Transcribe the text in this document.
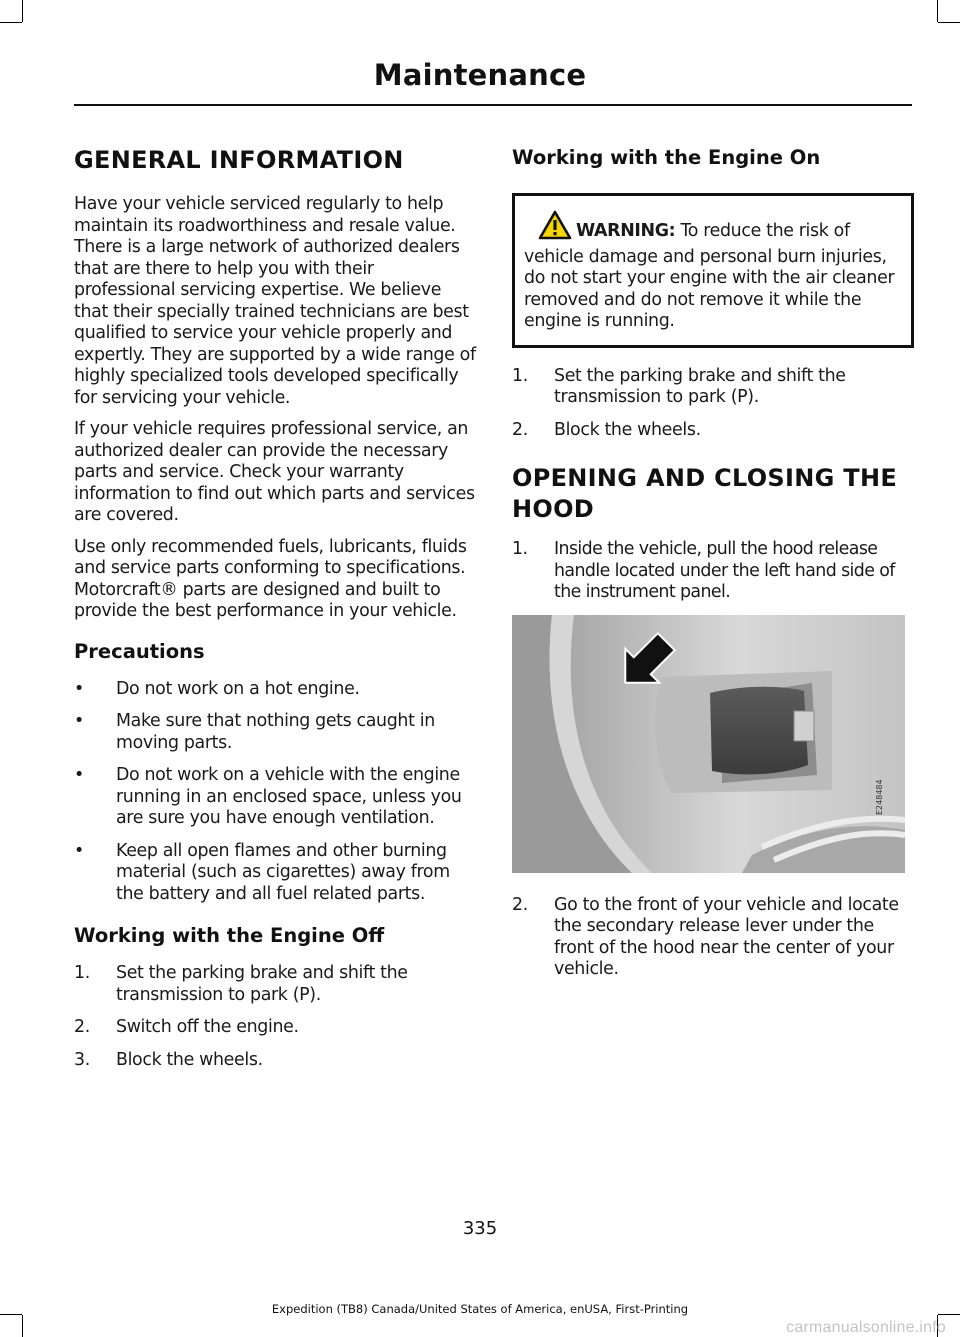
Maintenance
GENERAL INFORMATION

Have your vehicle serviced regularly to help maintain its roadworthiness and resale value. There is a large network of authorized dealers that are there to help you with their professional servicing expertise. We believe that their specially trained technicians are best qualified to service your vehicle properly and expertly. They are supported by a wide range of highly specialized tools developed specifically for servicing your vehicle.

If your vehicle requires professional service, an authorized dealer can provide the necessary parts and service. Check your warranty information to find out which parts and services are covered.

Use only recommended fuels, lubricants, fluids and service parts conforming to specifications. Motorcraft® parts are designed and built to provide the best performance in your vehicle.

Precautions
• Do not work on a hot engine.
• Make sure that nothing gets caught in moving parts.
• Do not work on a vehicle with the engine running in an enclosed space, unless you are sure you have enough ventilation.
• Keep all open flames and other burning material (such as cigarettes) away from the battery and all fuel related parts.
Working with the Engine Off
1. Set the parking brake and shift the transmission to park (P).
2. Switch off the engine.
3. Block the wheels.
Working with the Engine On
WARNING: To reduce the risk of vehicle damage and personal burn injuries, do not start your engine with the air cleaner removed and do not remove it while the engine is running.
1. Set the parking brake and shift the transmission to park (P).
2. Block the wheels.
OPENING AND CLOSING THE
HOOD
1. Inside the vehicle, pull the hood release handle located under the left hand side of the instrument panel.
E248484
2. Go to the front of your vehicle and locate the secondary release lever under the front of the hood near the center of your vehicle.
335
Expedition (TB8) Canada/United States of America, enUSA, First-Printing
carmanualsonline.info
